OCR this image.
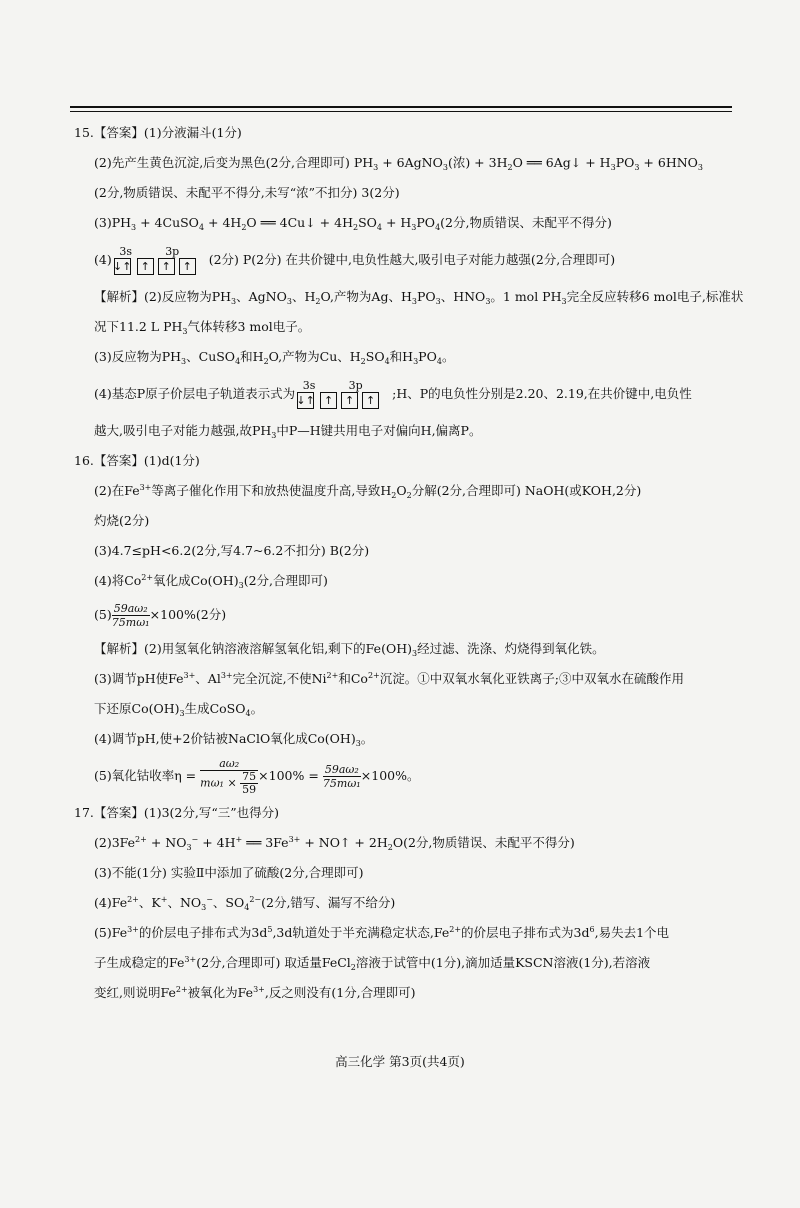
15.【答案】(1)分液漏斗(1分)
(2)先产生黄色沉淀,后变为黑色(2分,合理即可) $PH_3$ + 6AgNO$_3$(浓) + $3H_2O$ ══ 6Ag↓ + $H_3PO_3 + 6HNO_3$
(2分,物质错误、未配平不得分,未写“浓”不扣分) 3(2分)
$(3)PH_3$ + 4CuSO$_4$ + $4H_2O$ ══ 4Cu↓ + $4H_2SO_4 + H_3PO_4(2$分,物质错误、未配平不得分)
(4)
3s	3p
↓↑ ↑	↑	↑	(2分) P(2分) 在共价键中,电负性越大,吸引电子对能力越强(2分,合理即可)
【解析】(2)反应物为$PH_3$、AgNO$_3$、$H_2O$,产物为Ag、$H_3PO_3$、$HNO_3$。1 mol $PH_3$完全反应转移6 mol电子,标准状
况下11.2 L $PH_3$气体转移3 mol电子。
(3)反应物为$PH_3$、CuSO$_4$和$H_2O$,产物为Cu、$H_2SO_4$和$H_3PO_4$。
(4)基态P原子价层电子轨道表示式为
3s	3p
↓↑ ↑	↑	↑	;H、P的电负性分别是2.20、2.19,在共价键中,电负性
越大,吸引电子对能力越强,故$PH_3$中P—H键共用电子对偏向H,偏离P。
16.【答案】(1)d(1分)
(2)在$Fe^{3+}$等离子催化作用下和放热使温度升高,导致$H_2O_2$分解(2分,合理即可) NaOH(或KOH,2分)
灼烧(2分)
(3)4.7≤pH<6.2(2分,写4.7~6.2不扣分) B(2分)
(4)将$Co^{2+}$氧化成$Co(OH)_3(2$分,合理即可)
$(5) \frac{\text{59aω₂}}{\text{75mω₁}} \times 100\%(2$分)
【解析】(2)用氢氧化钠溶液溶解氢氧化铝,剩下的$Fe(OH)_3$经过滤、洗涤、灼烧得到氧化铁。
(3)调节pH使$Fe^{3+}$、$Al^{3+}$完全沉淀,不使$Ni^{2+}$和$Co^{2+}$沉淀。①中双氧水氧化亚铁离子;③中双氧水在硫酸作用
下还原$Co(OH)_3$生成CoSO$_4$。
(4)调节pH,使+2价钴被NaClO氧化成$Co(OH)_3$。
(5)氧化钴收率$\eta = \frac{\text{aω₂}}{m\omega_1 \times \frac{75}{59}} \times 100\% = \frac{\text{59aω₂}}{\text{75mω₁}} \times 100\%$。
17.【答案】(1)3(2分,写“三”也得分)
$(2)3Fe^{2+} + NO_3^- + 4H^+$ ══ $3Fe^{3+}$ + NO↑ + $2H_2O(2$分,物质错误、未配平不得分)
(3)不能(1分) 实验Ⅱ中添加了硫酸(2分,合理即可)
$(4)Fe^{2+}$、K+、$NO_3^-$、$SO_4^{2-}(2$分,错写、漏写不给分)
$(5)Fe^{3+}$的价层电子排布式为$3d^5,3d$轨道处于半充满稳定状态$,Fe^{2+}$的价层电子排布式为$3d^6$,易失去1个电
子生成稳定的$Fe^{3+}(2$分,合理即可) 取适量FeCl$_2$溶液于试管中(1分),滴加适量KSCN溶液(1分),若溶液
变红,则说明$Fe^{2+}$被氧化为$Fe^{3+}$,反之则没有(1分,合理即可)
高三化学 第3页(共4页)
